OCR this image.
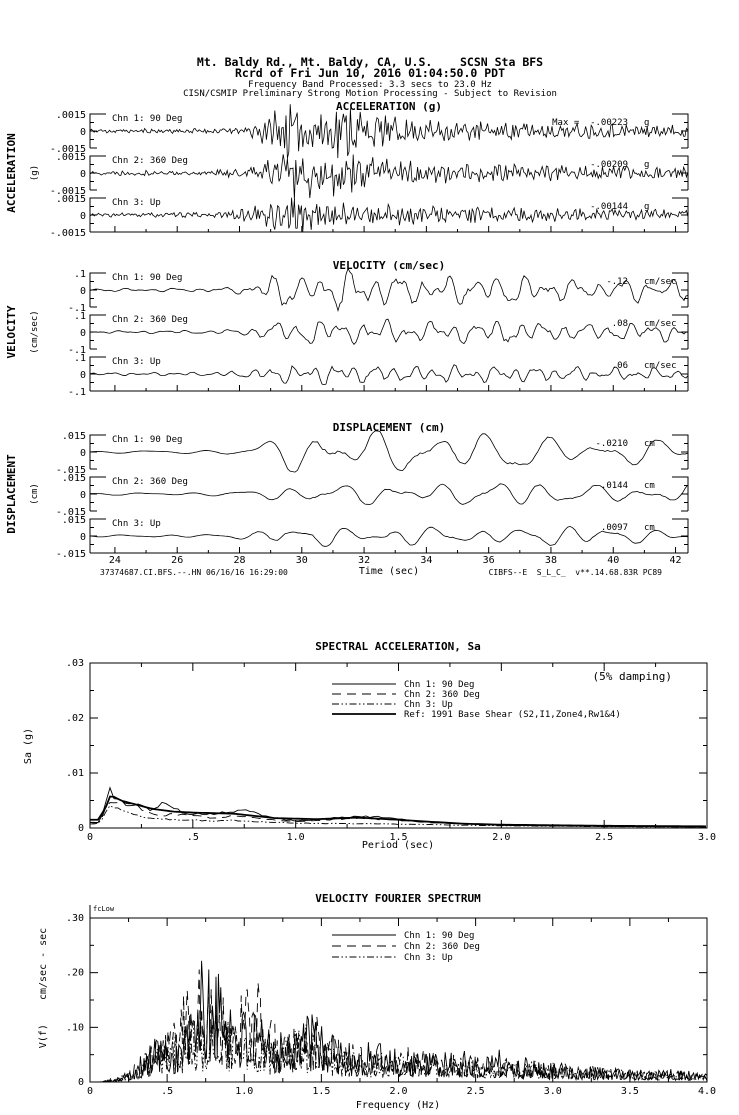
Mt. Baldy Rd., Mt. Baldy, CA, U.S.    SCSN Sta BFS
Rcrd of Fri Jun 10, 2016 01:04:50.0 PDT
Frequency Band Processed: 3.3 secs to 23.0 Hz
CISN/CSMIP Preliminary Strong Motion Processing - Subject to Revision
ACCELERATION (g)
VELOCITY (cm/sec)
DISPLACEMENT (cm)
ACCELERATION (g)
VELOCITY (cm/sec)
DISPLACEMENT (cm)
.0015
0
-.0015
Chn 1: 90 Deg	Max =  -.00223 g
.0015
0
-.0015
Chn 2: 360 Deg	-.00209 g
.0015
0
-.0015
Chn 3: Up	-.00144 g
.1
0
-.1
Chn 1: 90 Deg	-.12 cm/sec
.1
0
-.1
Chn 2: 360 Deg	.08 cm/sec
.1
0
-.1
Chn 3: Up	.06 cm/sec
24	26	28	30	32	34	36	38	40	42
.015
0
-.015
Chn 1: 90 Deg	-.0210 cm
.015
0
-.015
Chn 2: 360 Deg	.0144 cm
.015
0
-.015
Chn 3: Up	.0097 cm
37374687.CI.BFS.--.HN 06/16/16 16:29:00	Time (sec)	CIBFS--E  S_L_C_  v**.14.68.83R PC89
SPECTRAL ACCELERATION, Sa
(5% damping)
Sa (g)
Period (sec)
0	.5	1.0	1.5	2.0	2.5	3.0
.03
.02
.01
0
Chn 1: 90 Deg
Chn 2: 360 Deg
Chn 3: Up
Ref: 1991 Base Shear (S2,I1,Zone4,Rw1&4)
VELOCITY FOURIER SPECTRUM
fcLow
V(f)    cm/sec - sec
Frequency (Hz)
0	.5	1.0	1.5	2.0	2.5	3.0	3.5	4.0
.30
.20
.10
0
Chn 1: 90 Deg
Chn 2: 360 Deg
Chn 3: Up
